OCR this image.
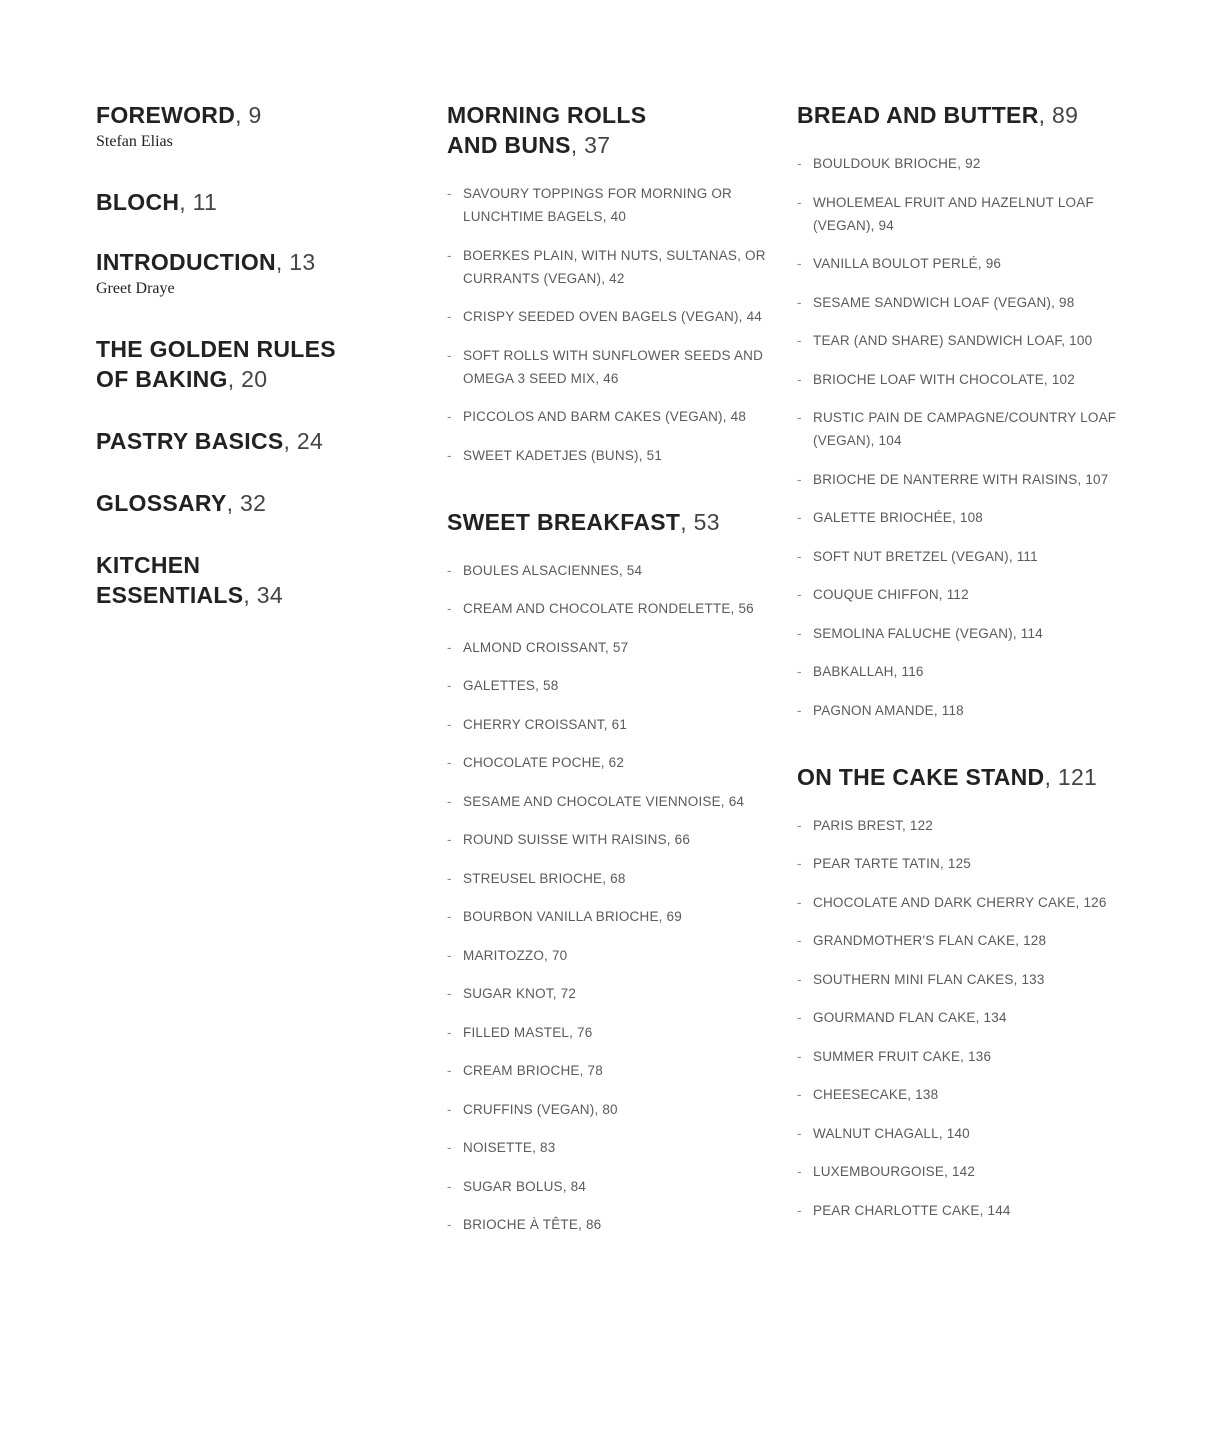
FOREWORD, 9
Stefan Elias
BLOCH, 11
INTRODUCTION, 13
Greet Draye
THE GOLDEN RULES
OF BAKING, 20
PASTRY BASICS, 24
GLOSSARY, 32
KITCHEN
ESSENTIALS, 34
MORNING ROLLS
AND BUNS, 37
- SAVOURY TOPPINGS FOR MORNING OR LUNCHTIME BAGELS, 40
- BOERKES PLAIN, WITH NUTS, SULTANAS, OR CURRANTS (VEGAN), 42
- CRISPY SEEDED OVEN BAGELS (VEGAN), 44
- SOFT ROLLS WITH SUNFLOWER SEEDS AND OMEGA 3 SEED MIX, 46
- PICCOLOS AND BARM CAKES (VEGAN), 48
- SWEET KADETJES (BUNS), 51
SWEET BREAKFAST, 53
- BOULES ALSACIENNES, 54
- CREAM AND CHOCOLATE RONDELETTE, 56
- ALMOND CROISSANT, 57
- GALETTES, 58
- CHERRY CROISSANT, 61
- CHOCOLATE POCHE, 62
- SESAME AND CHOCOLATE VIENNOISE, 64
- ROUND SUISSE WITH RAISINS, 66
- STREUSEL BRIOCHE, 68
- BOURBON VANILLA BRIOCHE, 69
- MARITOZZO, 70
- SUGAR KNOT, 72
- FILLED MASTEL, 76
- CREAM BRIOCHE, 78
- CRUFFINS (VEGAN), 80
- NOISETTE, 83
- SUGAR BOLUS, 84
- BRIOCHE À TÊTE, 86
BREAD AND BUTTER, 89
- BOULDOUK BRIOCHE, 92
- WHOLEMEAL FRUIT AND HAZELNUT LOAF (VEGAN), 94
- VANILLA BOULOT PERLÉ, 96
- SESAME SANDWICH LOAF (VEGAN), 98
- TEAR (AND SHARE) SANDWICH LOAF, 100
- BRIOCHE LOAF WITH CHOCOLATE, 102
- RUSTIC PAIN DE CAMPAGNE/COUNTRY LOAF (VEGAN), 104
- BRIOCHE DE NANTERRE WITH RAISINS, 107
- GALETTE BRIOCHÉE, 108
- SOFT NUT BRETZEL (VEGAN), 111
- COUQUE CHIFFON, 112
- SEMOLINA FALUCHE (VEGAN), 114
- BABKALLAH, 116
- PAGNON AMANDE, 118
ON THE CAKE STAND, 121
- PARIS BREST, 122
- PEAR TARTE TATIN, 125
- CHOCOLATE AND DARK CHERRY CAKE, 126
- GRANDMOTHER'S FLAN CAKE, 128
- SOUTHERN MINI FLAN CAKES, 133
- GOURMAND FLAN CAKE, 134
- SUMMER FRUIT CAKE, 136
- CHEESECAKE, 138
- WALNUT CHAGALL, 140
- LUXEMBOURGOISE, 142
- PEAR CHARLOTTE CAKE, 144
